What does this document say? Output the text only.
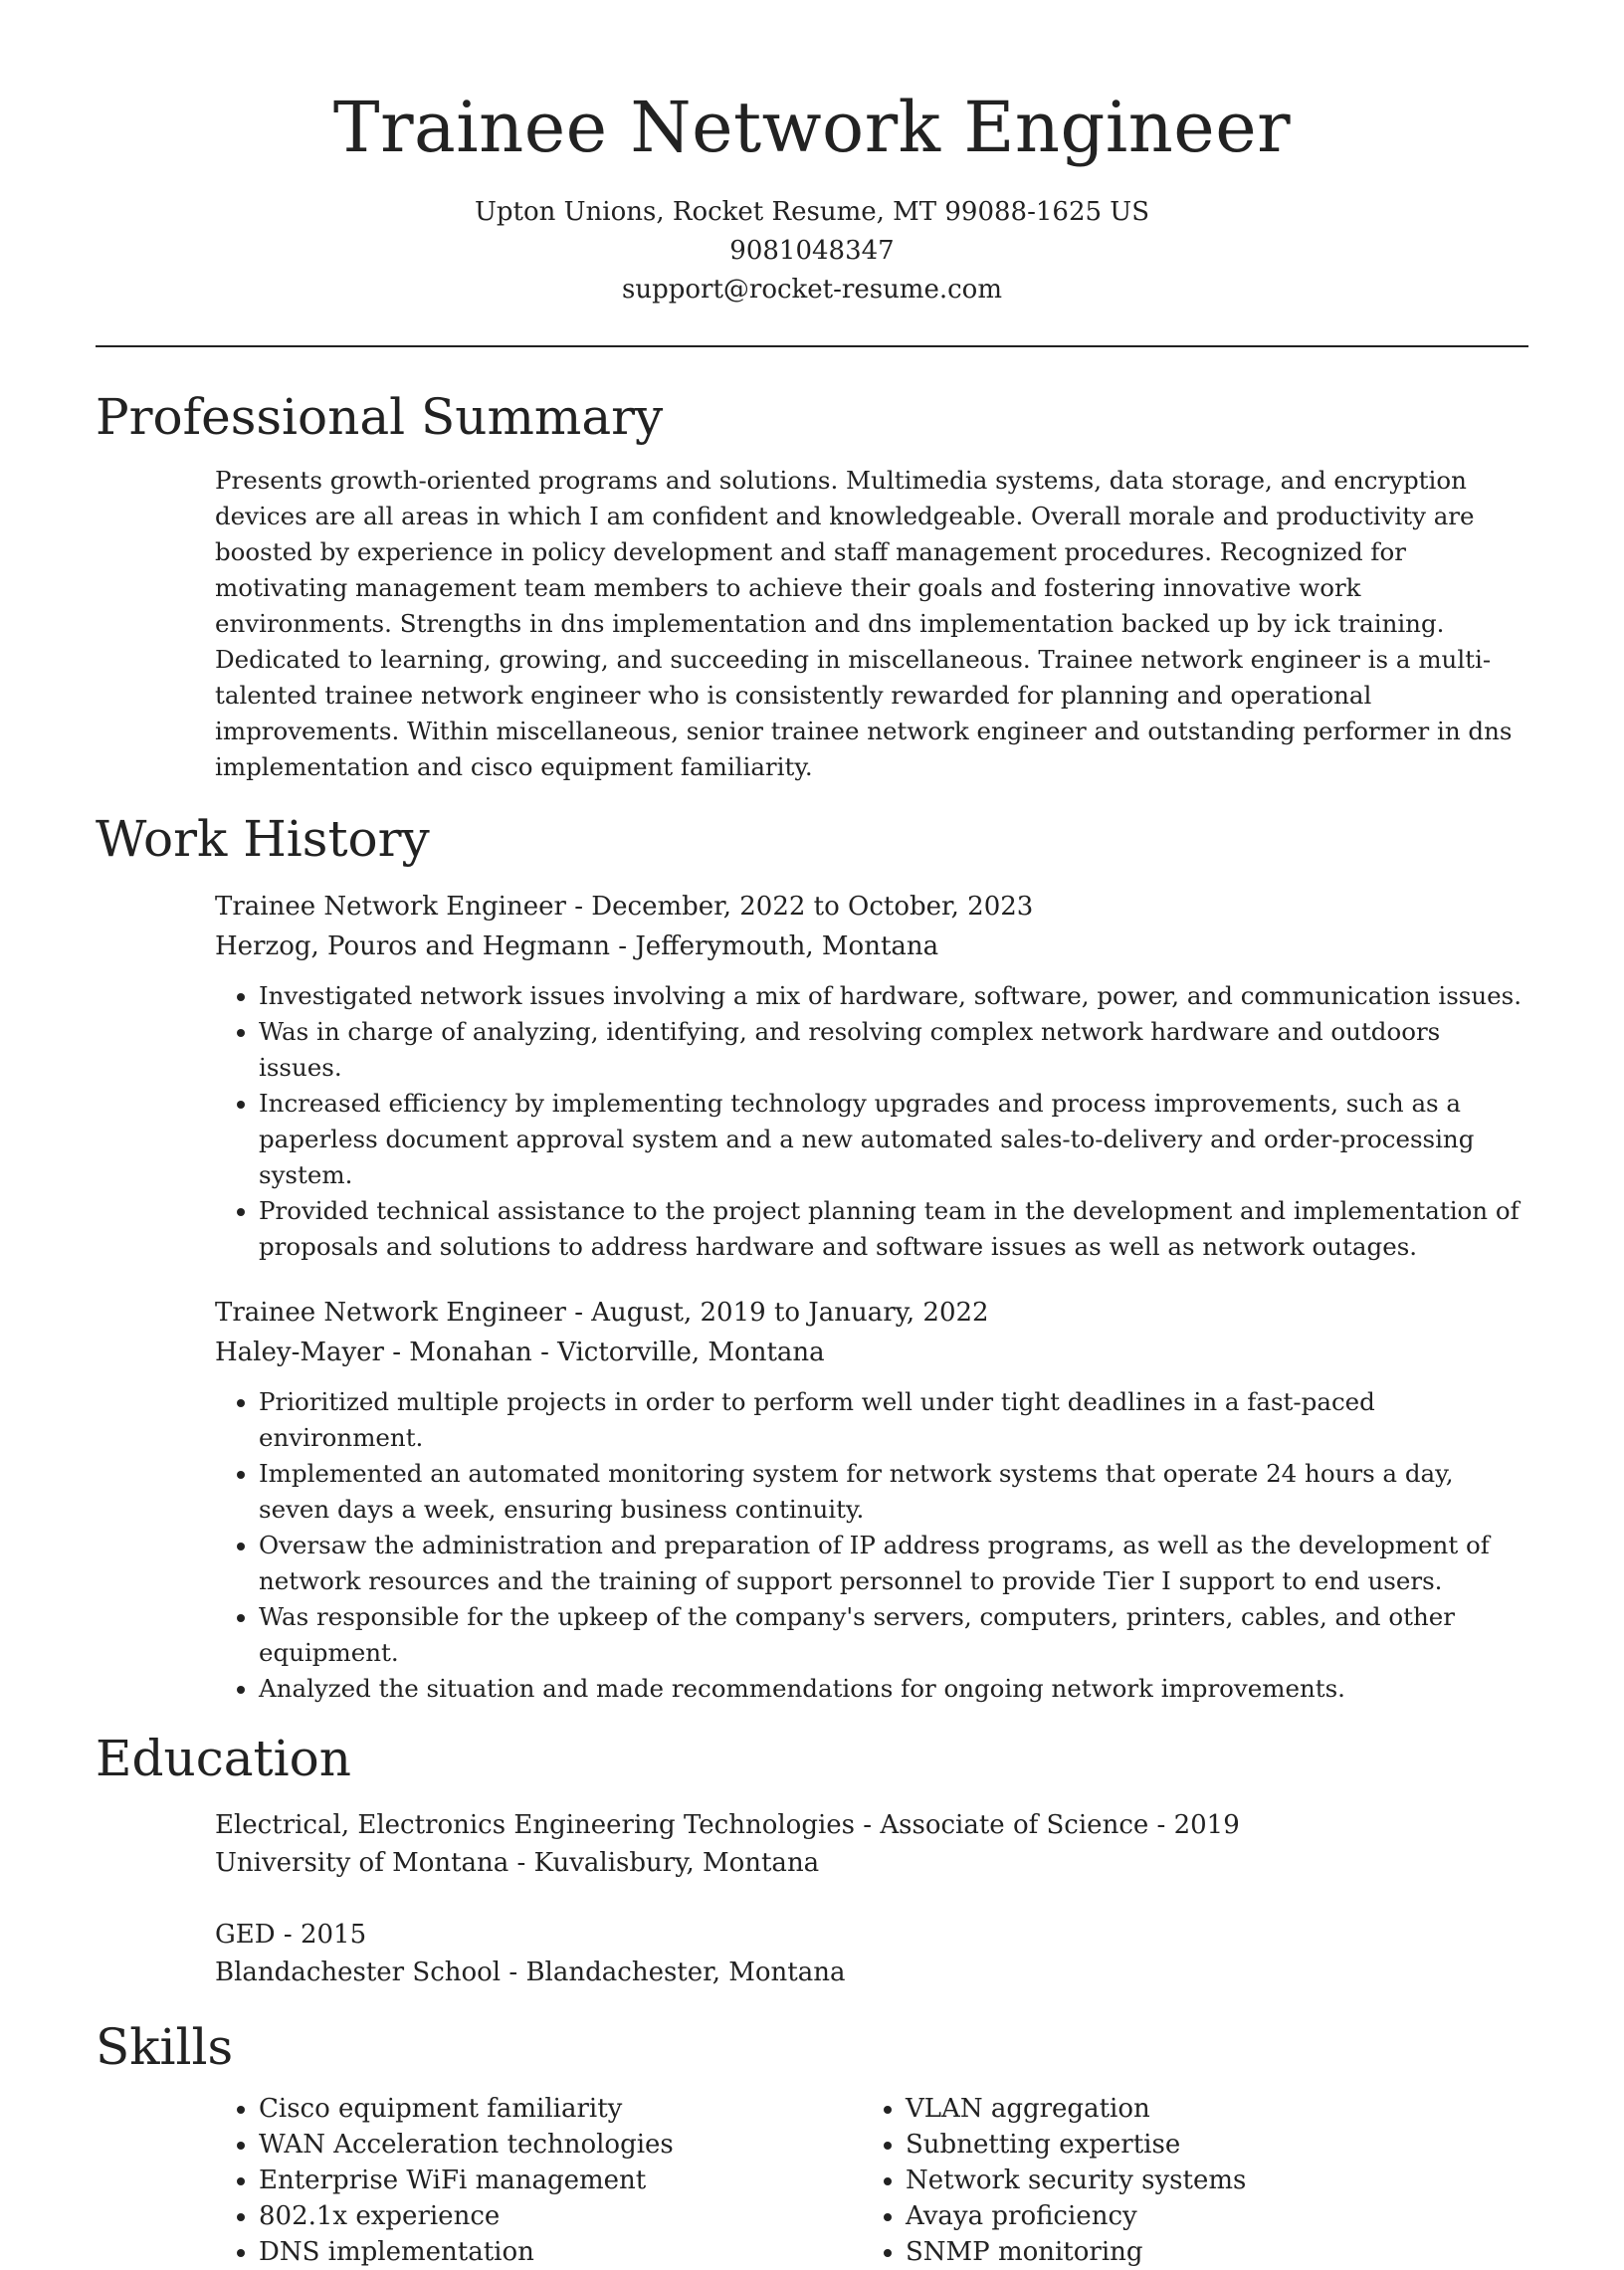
Trainee Network Engineer
Upton Unions, Rocket Resume, MT 99088-1625 US
9081048347
support@rocket-resume.com
Professional Summary

Presents growth-oriented programs and solutions. Multimedia systems, data storage, and encryption devices are all areas in which I am confident and knowledgeable. Overall morale and productivity are boosted by experience in policy development and staff management procedures. Recognized for motivating management team members to achieve their goals and fostering innovative work environments. Strengths in dns implementation and dns implementation backed up by ick training. Dedicated to learning, growing, and succeeding in miscellaneous. Trainee network engineer is a multi-talented trainee network engineer who is consistently rewarded for planning and operational improvements. Within miscellaneous, senior trainee network engineer and outstanding performer in dns implementation and cisco equipment familiarity.

Work History
Trainee Network Engineer - December, 2022 to October, 2023
Herzog, Pouros and Hegmann - Jefferymouth, Montana
• Investigated network issues involving a mix of hardware, software, power, and communication issues.
• Was in charge of analyzing, identifying, and resolving complex network hardware and outdoors issues.
• Increased efficiency by implementing technology upgrades and process improvements, such as a paperless document approval system and a new automated sales-to-delivery and order-processing system.
• Provided technical assistance to the project planning team in the development and implementation of proposals and solutions to address hardware and software issues as well as network outages.
Trainee Network Engineer - August, 2019 to January, 2022
Haley-Mayer - Monahan - Victorville, Montana
• Prioritized multiple projects in order to perform well under tight deadlines in a fast-paced environment.
• Implemented an automated monitoring system for network systems that operate 24 hours a day, seven days a week, ensuring business continuity.
• Oversaw the administration and preparation of IP address programs, as well as the development of network resources and the training of support personnel to provide Tier I support to end users.
• Was responsible for the upkeep of the company's servers, computers, printers, cables, and other equipment.
• Analyzed the situation and made recommendations for ongoing network improvements.
Education
Electrical, Electronics Engineering Technologies - Associate of Science - 2019
University of Montana - Kuvalisbury, Montana
GED - 2015
Blandachester School - Blandachester, Montana
Skills
• Cisco equipment familiarity
• WAN Acceleration technologies
• Enterprise WiFi management
• 802.1x experience
• DNS implementation
• VLAN aggregation
• Subnetting expertise
• Network security systems
• Avaya proficiency
• SNMP monitoring
